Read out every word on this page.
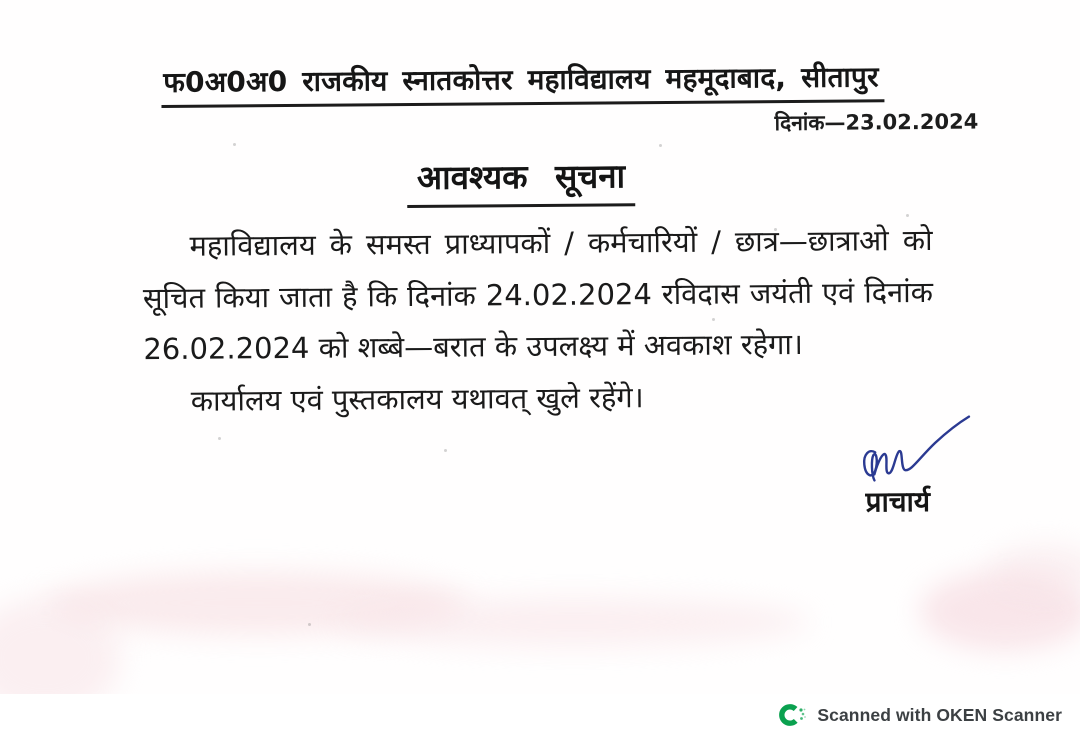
फ0अ0अ0 राजकीय स्नातकोत्तर महाविद्यालय महमूदाबाद, सीतापुर
दिनांक—23.02.2024
आवश्यक सूचना
महाविद्यालय के समस्त प्राध्यापकों / कर्मचारियों / छात्र—छात्राओ को
सूचित किया जाता है कि दिनांक 24.02.2024 रविदास जयंती एवं दिनांक
26.02.2024 को शब्बे—बरात के उपलक्ष्य में अवकाश रहेगा।
कार्यालय एवं पुस्तकालय यथावत् खुले रहेंगे।
प्राचार्य
Scanned with OKEN Scanner
